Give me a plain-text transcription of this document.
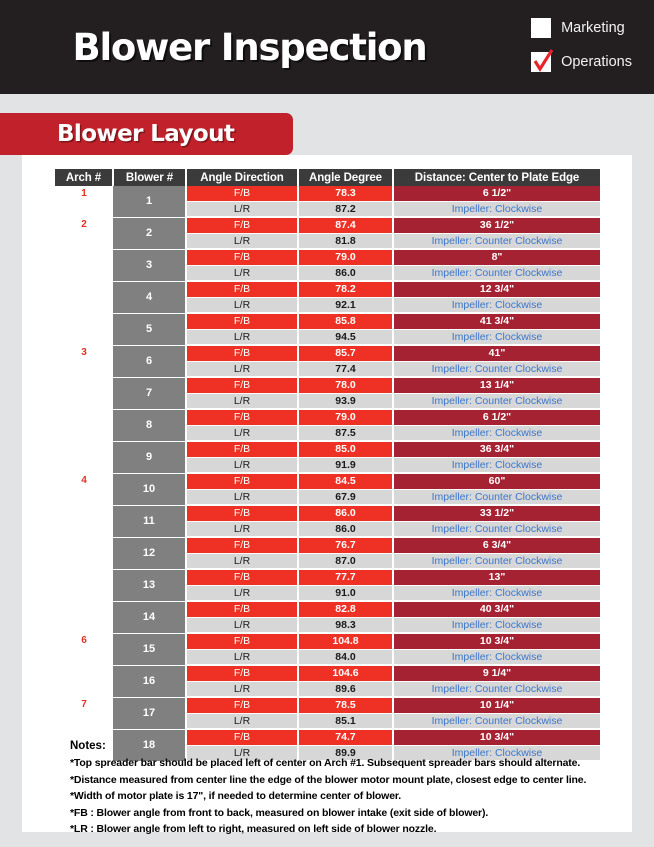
Blower Inspection	Marketing
Operations
Blower Layout
Arch #	Blower #	Angle Direction	Angle Degree	Distance: Center to Plate Edge
1	1	F/B	78.3	6 1/2"
		L/R	87.2	Impeller: Clockwise
2	2	F/B	87.4	36 1/2"
		L/R	81.8	Impeller: Counter Clockwise
	3	F/B	79.0	8"
		L/R	86.0	Impeller: Counter Clockwise
	4	F/B	78.2	12 3/4"
		L/R	92.1	Impeller: Clockwise
	5	F/B	85.8	41 3/4"
		L/R	94.5	Impeller: Clockwise
3	6	F/B	85.7	41"
		L/R	77.4	Impeller: Counter Clockwise
	7	F/B	78.0	13 1/4"
		L/R	93.9	Impeller: Counter Clockwise
	8	F/B	79.0	6 1/2"
		L/R	87.5	Impeller: Clockwise
	9	F/B	85.0	36 3/4"
		L/R	91.9	Impeller: Clockwise
4	10	F/B	84.5	60"
		L/R	67.9	Impeller: Counter Clockwise
	11	F/B	86.0	33 1/2"
		L/R	86.0	Impeller: Counter Clockwise
	12	F/B	76.7	6 3/4"
		L/R	87.0	Impeller: Counter Clockwise
	13	F/B	77.7	13"
		L/R	91.0	Impeller: Clockwise
	14	F/B	82.8	40 3/4"
		L/R	98.3	Impeller: Clockwise
6	15	F/B	104.8	10 3/4"
		L/R	84.0	Impeller: Clockwise
	16	F/B	104.6	9 1/4"
		L/R	89.6	Impeller: Counter Clockwise
7	17	F/B	78.5	10 1/4"
		L/R	85.1	Impeller: Counter Clockwise
	18	F/B	74.7	10 3/4"
		L/R	89.9	Impeller: Clockwise
Notes:
*Top spreader bar should be placed left of center on Arch #1. Subsequent spreader bars should alternate.
*Distance measured from center line the edge of the blower motor mount plate, closest edge to center line.
*Width of motor plate is 17", if needed to determine center of blower.
*FB : Blower angle from front to back, measured on blower intake (exit side of blower).
*LR : Blower angle from left to right, measured on left side of blower nozzle.
